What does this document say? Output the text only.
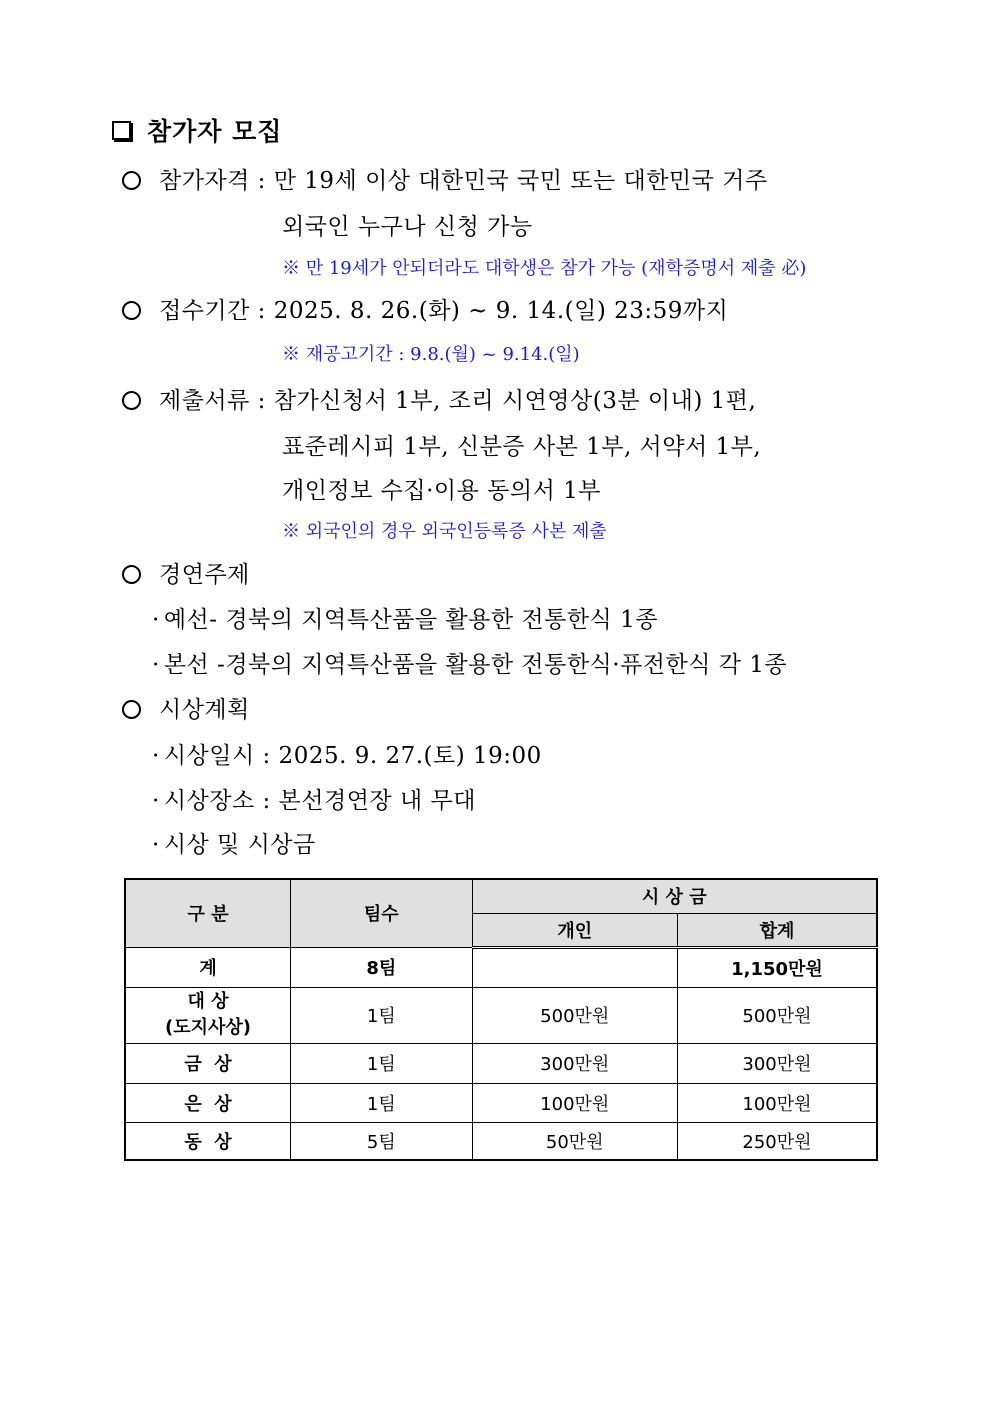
참가자 모집
참가자격 : 만 19세 이상 대한민국 국민 또는 대한민국 거주
외국인 누구나 신청 가능
※ 만 19세가 안되더라도 대학생은 참가 가능 (재학증명서 제출 必)
접수기간 : 2025. 8. 26.(화) ~ 9. 14.(일) 23:59까지
※ 재공고기간 : 9.8.(월) ~ 9.14.(일)
제출서류 : 참가신청서 1부, 조리 시연영상(3분 이내) 1편,
표준레시피 1부, 신분증 사본 1부, 서약서 1부,
개인정보 수집·이용 동의서 1부
※ 외국인의 경우 외국인등록증 사본 제출
경연주제
· 예선- 경북의 지역특산품을 활용한 전통한식 1종
· 본선 -경북의 지역특산품을 활용한 전통한식·퓨전한식 각 1종
시상계획
· 시상일시 : 2025. 9. 27.(토) 19:00
· 시상장소 : 본선경연장 내 무대
· 시상 및 시상금
구 분	팀수	시 상 금	
		개인	합계
계	8팀		1,150만원
대 상
(도지사상)	1팀	500만원	500만원
금  상	1팀	300만원	300만원
은  상	1팀	100만원	100만원
동  상	5팀	50만원	250만원
